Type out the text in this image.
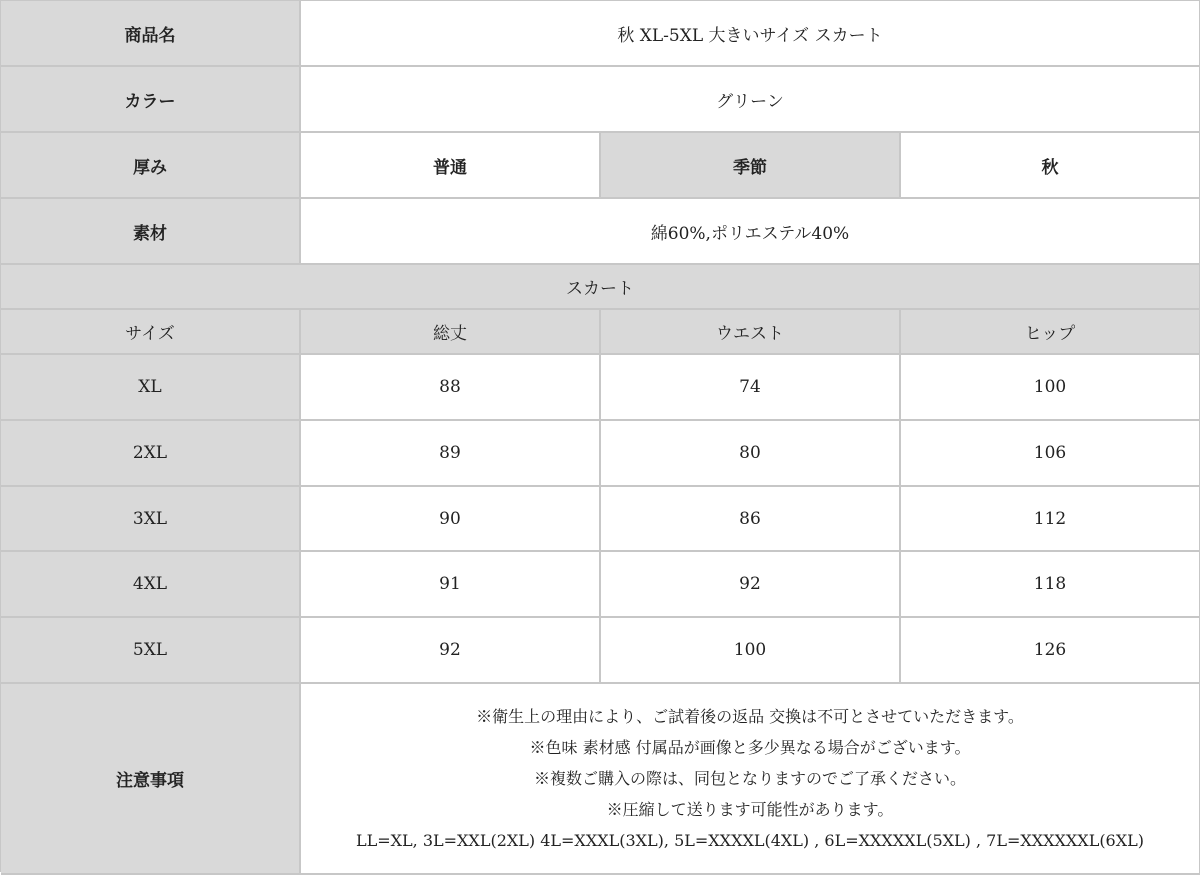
商品名	秋 XL-5XL 大きいサイズ スカート
カラー	グリーン
厚み	普通	季節	秋
素材	綿60%,ポリエステル40%
スカート
サイズ	総丈	ウエスト	ヒップ
XL	88	74	100
2XL	89	80	106
3XL	90	86	112
4XL	91	92	118
5XL	92	100	126
注意事項
※衛生上の理由により、ご試着後の返品 交換は不可とさせていただきます。
※色味 素材感 付属品が画像と多少異なる場合がございます。
※複数ご購入の際は、同包となりますのでご了承ください。
※圧縮して送ります可能性があります。
LL=XL, 3L=XXL(2XL) 4L=XXXL(3XL), 5L=XXXXL(4XL) , 6L=XXXXXL(5XL) , 7L=XXXXXXL(6XL)
